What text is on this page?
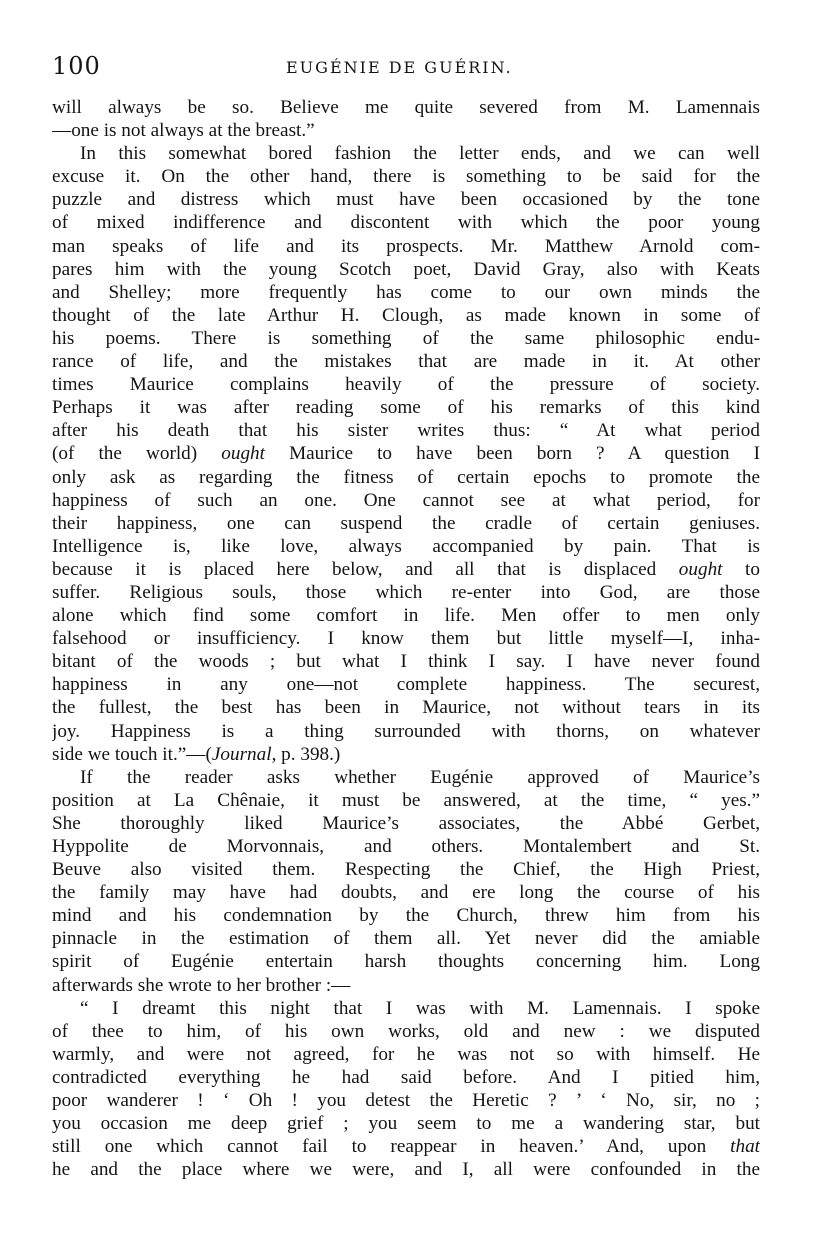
100	EUGÉNIE DE GUÉRIN.
will always be so. Believe me quite severed from M. Lamennais
—one is not always at the breast.”
In this somewhat bored fashion the letter ends, and we can well
excuse it. On the other hand, there is something to be said for the
puzzle and distress which must have been occasioned by the tone
of mixed indifference and discontent with which the poor young
man speaks of life and its prospects. Mr. Matthew Arnold com-
pares him with the young Scotch poet, David Gray, also with Keats
and Shelley; more frequently has come to our own minds the
thought of the late Arthur H. Clough, as made known in some of
his poems. There is something of the same philosophic endu-
rance of life, and the mistakes that are made in it. At other
times Maurice complains heavily of the pressure of society.
Perhaps it was after reading some of his remarks of this kind
after his death that his sister writes thus: “ At what period
(of the world) ought Maurice to have been born ? A question I
only ask as regarding the fitness of certain epochs to promote the
happiness of such an one. One cannot see at what period, for
their happiness, one can suspend the cradle of certain geniuses.
Intelligence is, like love, always accompanied by pain. That is
because it is placed here below, and all that is displaced ought to
suffer. Religious souls, those which re-enter into God, are those
alone which find some comfort in life. Men offer to men only
falsehood or insufficiency. I know them but little myself—I, inha-
bitant of the woods ; but what I think I say. I have never found
happiness in any one—not complete happiness. The securest,
the fullest, the best has been in Maurice, not without tears in its
joy. Happiness is a thing surrounded with thorns, on whatever
side we touch it.”—(Journal, p. 398.)
If the reader asks whether Eugénie approved of Maurice’s
position at La Chênaie, it must be answered, at the time, “ yes.”
She thoroughly liked Maurice’s associates, the Abbé Gerbet,
Hyppolite de Morvonnais, and others. Montalembert and St.
Beuve also visited them. Respecting the Chief, the High Priest,
the family may have had doubts, and ere long the course of his
mind and his condemnation by the Church, threw him from his
pinnacle in the estimation of them all. Yet never did the amiable
spirit of Eugénie entertain harsh thoughts concerning him. Long
afterwards she wrote to her brother :—
“ I dreamt this night that I was with M. Lamennais. I spoke
of thee to him, of his own works, old and new : we disputed
warmly, and were not agreed, for he was not so with himself. He
contradicted everything he had said before. And I pitied him,
poor wanderer ! ‘ Oh ! you detest the Heretic ? ’ ‘ No, sir, no ;
you occasion me deep grief ; you seem to me a wandering star, but
still one which cannot fail to reappear in heaven.’ And, upon that
he and the place where we were, and I, all were confounded in the
